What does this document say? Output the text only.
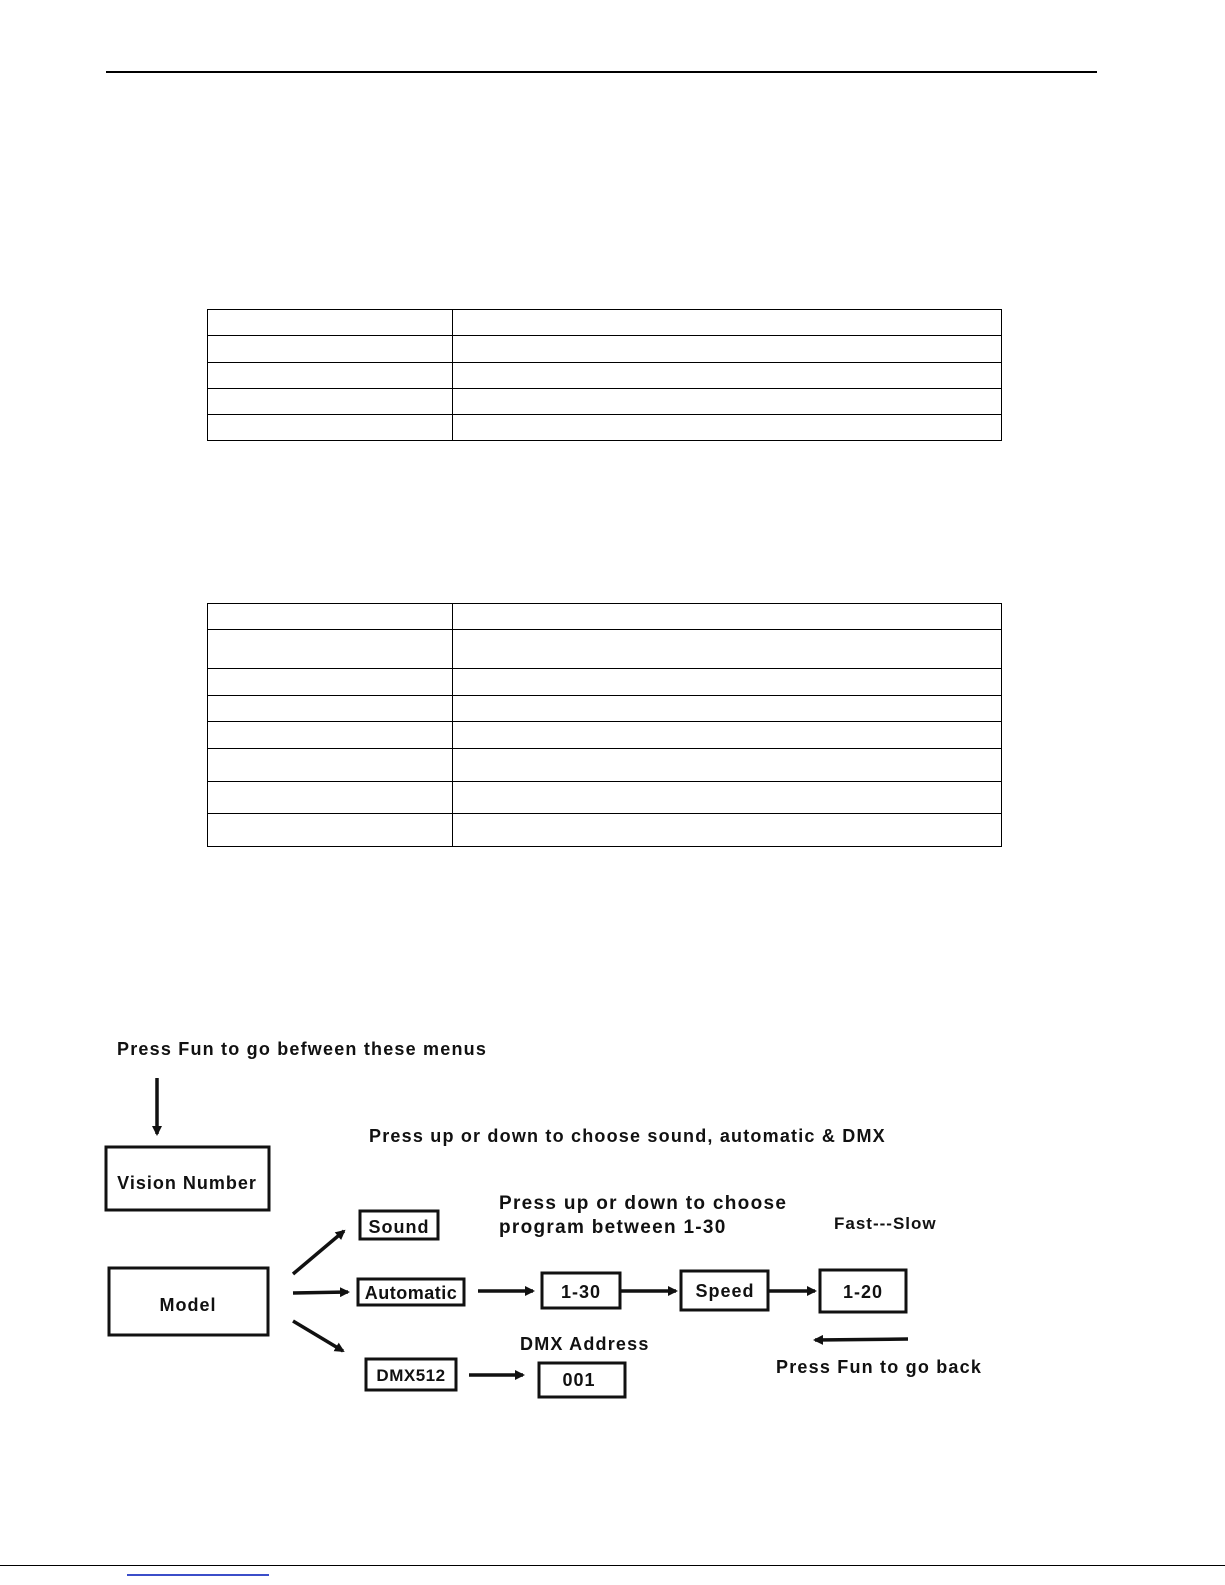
Press Fun to go befween these menus
Vision Number
Press up or down to choose sound, automatic & DMX
Model
Sound
Press up or down to choose
program between 1-30	Fast---Slow
Automatic	1-30	Speed	1-20
DMX Address
Press Fun to go back
DMX512	001
